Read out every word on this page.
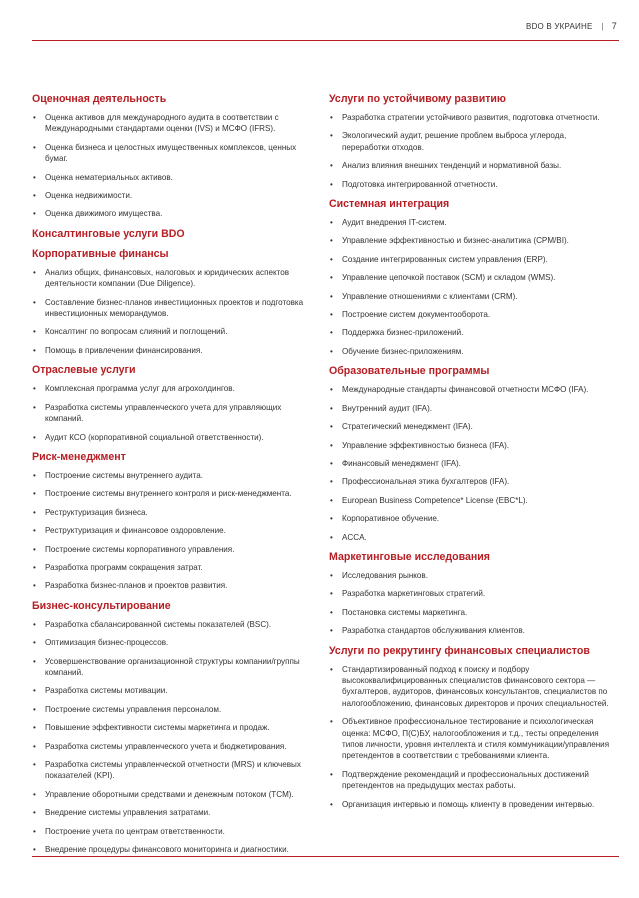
BDO В УКРАИНЕ | 7
Оценочная деятельность
• Оценка активов для международного аудита в соответствии с Международными стандартами оценки (IVS) и МСФО (IFRS).
• Оценка бизнеса и целостных имущественных комплексов, ценных бумаг.
• Оценка нематериальных активов.
• Оценка недвижимости.
• Оценка движимого имущества.
Консалтинговые услуги BDO
Корпоративные финансы
• Анализ общих, финансовых, налоговых и юридических аспектов деятельности компании (Due Diligence).
• Составление бизнес-планов инвестиционных проектов и подготовка инвестиционных меморандумов.
• Консалтинг по вопросам слияний и поглощений.
• Помощь в привлечении финансирования.
Отраслевые услуги
• Комплексная программа услуг для агрохолдингов.
• Разработка системы управленческого учета для управляющих компаний.
• Аудит КСО (корпоративной социальной ответственности).
Риск-менеджмент
• Построение системы внутреннего аудита.
• Построение системы внутреннего контроля и риск-менеджмента.
• Реструктуризация бизнеса.
• Реструктуризация и финансовое оздоровление.
• Построение системы корпоративного управления.
• Разработка программ сокращения затрат.
• Разработка бизнес-планов и проектов развития.
Бизнес-консультирование
• Разработка сбалансированной системы показателей (BSC).
• Оптимизация бизнес-процессов.
• Усовершенствование организационной структуры компании/группы компаний.
• Разработка системы мотивации.
• Построение системы управления персоналом.
• Повышение эффективности системы маркетинга и продаж.
• Разработка системы управленческого учета и бюджетирования.
• Разработка системы управленческой отчетности (MRS) и ключевых показателей (KPI).
• Управление оборотными средствами и денежным потоком (TCM).
• Внедрение системы управления затратами.
• Построение учета по центрам ответственности.
• Внедрение процедуры финансового мониторинга и диагностики.
Услуги по устойчивому развитию
• Разработка стратегии устойчивого развития, подготовка отчетности.
• Экологический аудит, решение проблем выброса углерода, переработки отходов.
• Анализ влияния внешних тенденций и нормативной базы.
• Подготовка интегрированной отчетности.
Системная интеграция
• Аудит внедрения IT-систем.
• Управление эффективностью и бизнес-аналитика (CPM/BI).
• Создание интегрированных систем управления (ERP).
• Управление цепочкой поставок (SCM) и складом (WMS).
• Управление отношениями с клиентами (CRM).
• Построение систем документооборота.
• Поддержка бизнес-приложений.
• Обучение бизнес-приложениям.
Образовательные программы
• Международные стандарты финансовой отчетности МСФО (IFA).
• Внутренний аудит (IFA).
• Стратегический менеджмент (IFA).
• Управление эффективностью бизнеса (IFA).
• Финансовый менеджмент (IFA).
• Профессиональная этика бухгалтеров (IFA).
• European Business Competence* License (EBC*L).
• Корпоративное обучение.
• ACCA.
Маркетинговые исследования
• Исследования рынков.
• Разработка маркетинговых стратегий.
• Постановка системы маркетинга.
• Разработка стандартов обслуживания клиентов.
Услуги по рекрутингу финансовых специалистов
• Стандартизированный подход к поиску и подбору высококвалифицированных специалистов финансового сектора — бухгалтеров, аудиторов, финансовых консультантов, специалистов по налогообложению, финансовых директоров и прочих специальностей.
• Объективное профессиональное тестирование и психологическая оценка: МСФО, П(С)БУ, налогообложения и т.д., тесты определения типов личности, уровня интеллекта и стиля коммуникации/управления претендентов в соответствии с требованиями клиента.
• Подтверждение рекомендаций и профессиональных достижений претендентов на предыдущих местах работы.
• Организация интервью и помощь клиенту в проведении интервью.
